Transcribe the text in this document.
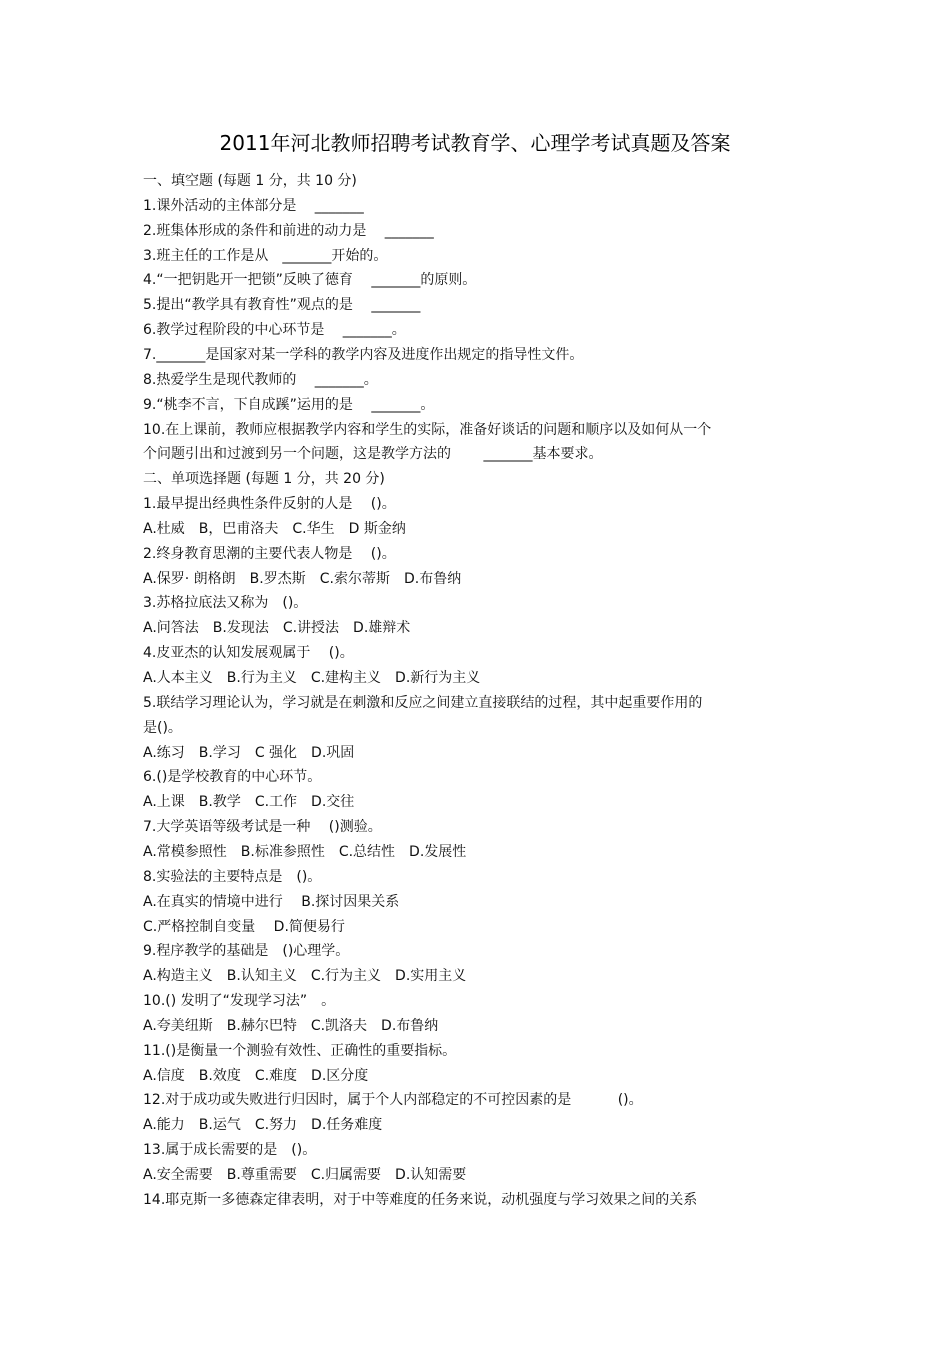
2011年河北教师招聘考试教育学、心理学考试真题及答案
一、填空题 (每题 1 分，共 10 分)
1.课外活动的主体部分是　 _______
2.班集体形成的条件和前进的动力是　 _______
3.班主任的工作是从　_______开始的。
4.“一把钥匙开一把锁”反映了德育　 _______的原则。
5.提出“教学具有教育性”观点的是　 _______
6.教学过程阶段的中心环节是　 _______。
7._______是国家对某一学科的教学内容及进度作出规定的指导性文件。
8.热爱学生是现代教师的　 _______。
9.“桃李不言，下自成蹊”运用的是　 _______。
10.在上课前，教师应根据教学内容和学生的实际，准备好谈话的问题和顺序以及如何从一个
个问题引出和过渡到另一个问题，这是教学方法的　　 _______基本要求。
二、单项选择题 (每题 1 分，共 20 分)
1.最早提出经典性条件反射的人是　 ()。
A.杜威　B，巴甫洛夫　C.华生　D 斯金纳
2.终身教育思潮的主要代表人物是　 ()。
A.保罗· 朗格朗　B.罗杰斯　C.索尔蒂斯　D.布鲁纳
3.苏格拉底法又称为　()。
A.问答法　B.发现法　C.讲授法　D.雄辩术
4.皮亚杰的认知发展观属于　 ()。
A.人本主义　B.行为主义　C.建构主义　D.新行为主义
5.联结学习理论认为，学习就是在刺激和反应之间建立直接联结的过程，其中起重要作用的
是()。
A.练习　B.学习　C 强化　D.巩固
6.()是学校教育的中心环节。
A.上课　B.教学　C.工作　D.交往
7.大学英语等级考试是一种　 ()测验。
A.常模参照性　B.标准参照性　C.总结性　D.发展性
8.实验法的主要特点是　()。
A.在真实的情境中进行　 B.探讨因果关系
C.严格控制自变量　 D.简便易行
9.程序教学的基础是　()心理学。
A.构造主义　B.认知主义　C.行为主义　D.实用主义
10.() 发明了“发现学习法”　。
A.夸美纽斯　B.赫尔巴特　C.凯洛夫　D.布鲁纳
11.()是衡量一个测验有效性、正确性的重要指标。
A.信度　B.效度　C.难度　D.区分度
12.对于成功或失败进行归因时，属于个人内部稳定的不可控因素的是　　　 ()。
A.能力　B.运气　C.努力　D.任务难度
13.属于成长需要的是　()。
A.安全需要　B.尊重需要　C.归属需要　D.认知需要
14.耶克斯一多德森定律表明，对于中等难度的任务来说，动机强度与学习效果之间的关系
